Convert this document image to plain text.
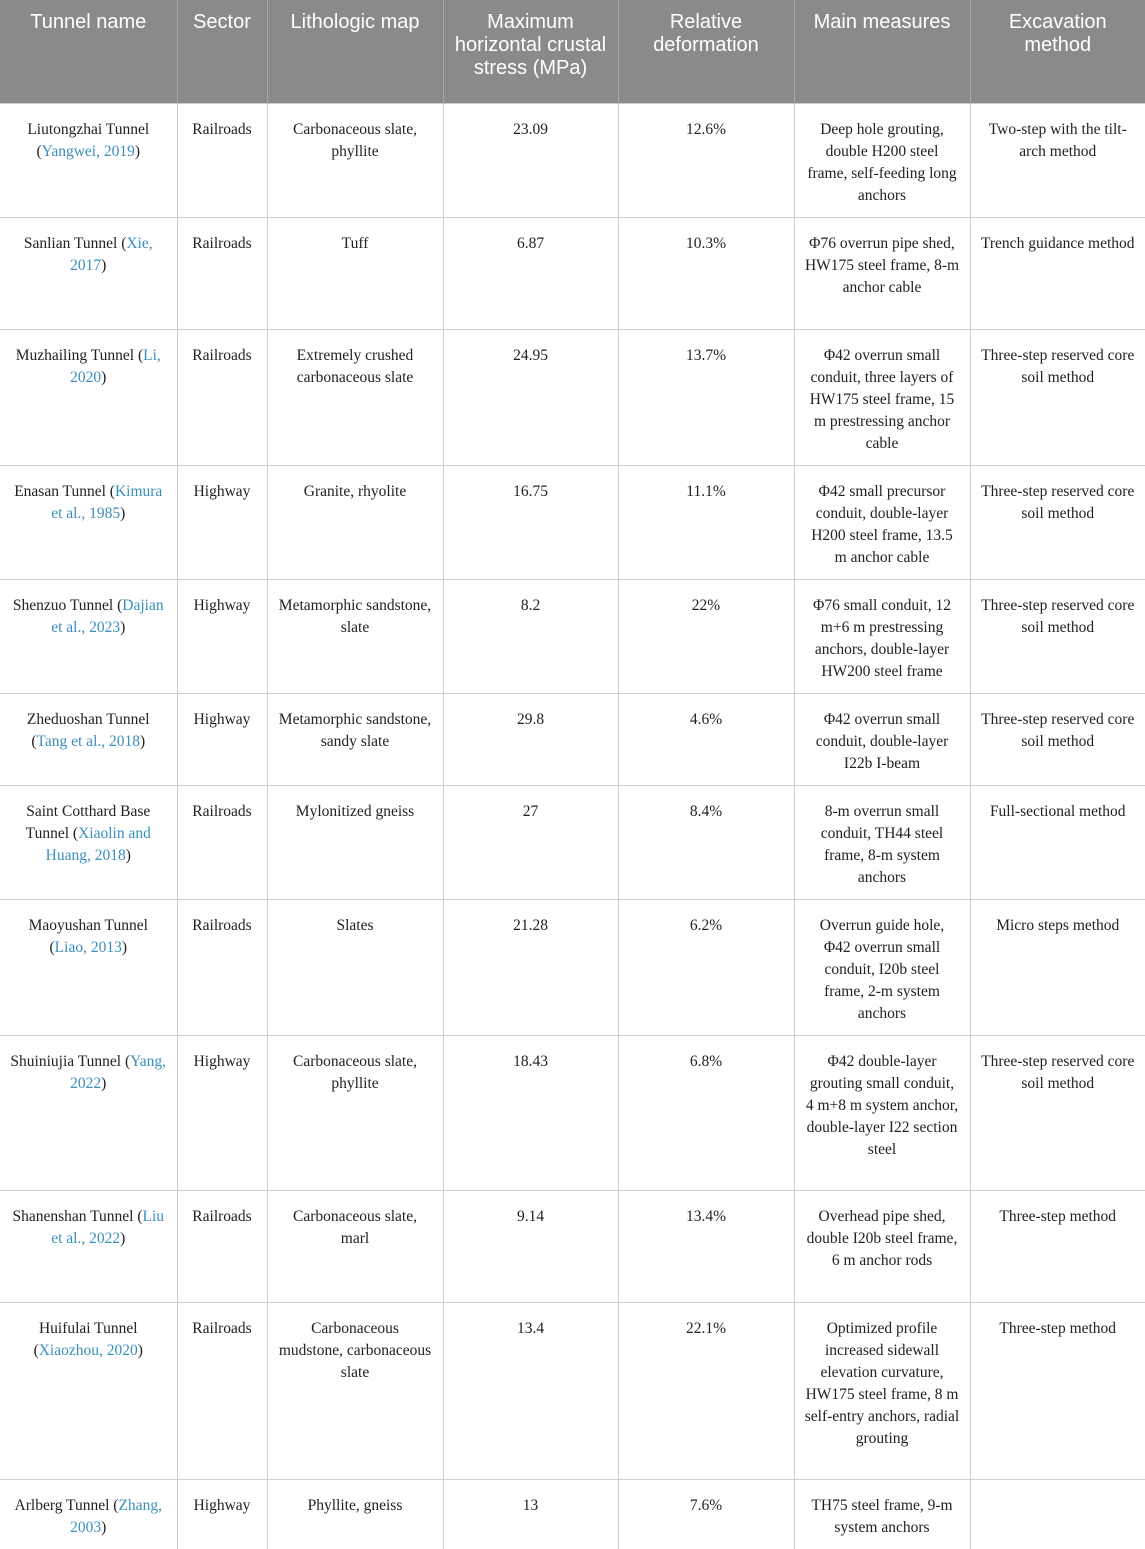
Tunnel name	Sector	Lithologic map	Maximum horizontal crustal stress (MPa)	Relative deformation	Main measures	Excavation method
Liutongzhai Tunnel (Yangwei, 2019)	Railroads	Carbonaceous slate, phyllite	23.09	12.6%	Deep hole grouting, double H200 steel frame, self-feeding long anchors	Two-step with the tilt-arch method
Sanlian Tunnel (Xie, 2017)	Railroads	Tuff	6.87	10.3%	Φ76 overrun pipe shed, HW175 steel frame, 8-m anchor cable	Trench guidance method
Muzhailing Tunnel (Li, 2020)	Railroads	Extremely crushed carbonaceous slate	24.95	13.7%	Φ42 overrun small conduit, three layers of HW175 steel frame, 15 m prestressing anchor cable	Three-step reserved core soil method
Enasan Tunnel (Kimura et al., 1985)	Highway	Granite, rhyolite	16.75	11.1%	Φ42 small precursor conduit, double-layer H200 steel frame, 13.5 m anchor cable	Three-step reserved core soil method
Shenzuo Tunnel (Dajian et al., 2023)	Highway	Metamorphic sandstone, slate	8.2	22%	Φ76 small conduit, 12 m+6 m prestressing anchors, double-layer HW200 steel frame	Three-step reserved core soil method
Zheduoshan Tunnel (Tang et al., 2018)	Highway	Metamorphic sandstone, sandy slate	29.8	4.6%	Φ42 overrun small conduit, double-layer I22b I-beam	Three-step reserved core soil method
Saint Cotthard Base Tunnel (Xiaolin and Huang, 2018)	Railroads	Mylonitized gneiss	27	8.4%	8-m overrun small conduit, TH44 steel frame, 8-m system anchors	Full-sectional method
Maoyushan Tunnel (Liao, 2013)	Railroads	Slates	21.28	6.2%	Overrun guide hole, Φ42 overrun small conduit, I20b steel frame, 2-m system anchors	Micro steps method
Shuiniujia Tunnel (Yang, 2022)	Highway	Carbonaceous slate, phyllite	18.43	6.8%	Φ42 double-layer grouting small conduit, 4 m+8 m system anchor, double-layer I22 section steel	Three-step reserved core soil method
Shanenshan Tunnel (Liu et al., 2022)	Railroads	Carbonaceous slate, marl	9.14	13.4%	Overhead pipe shed, double I20b steel frame, 6 m anchor rods	Three-step method
Huifulai Tunnel (Xiaozhou, 2020)	Railroads	Carbonaceous mudstone, carbonaceous slate	13.4	22.1%	Optimized profile increased sidewall elevation curvature, HW175 steel frame, 8 m self-entry anchors, radial grouting	Three-step method
Arlberg Tunnel (Zhang, 2003)	Highway	Phyllite, gneiss	13	7.6%	TH75 steel frame, 9-m system anchors	
